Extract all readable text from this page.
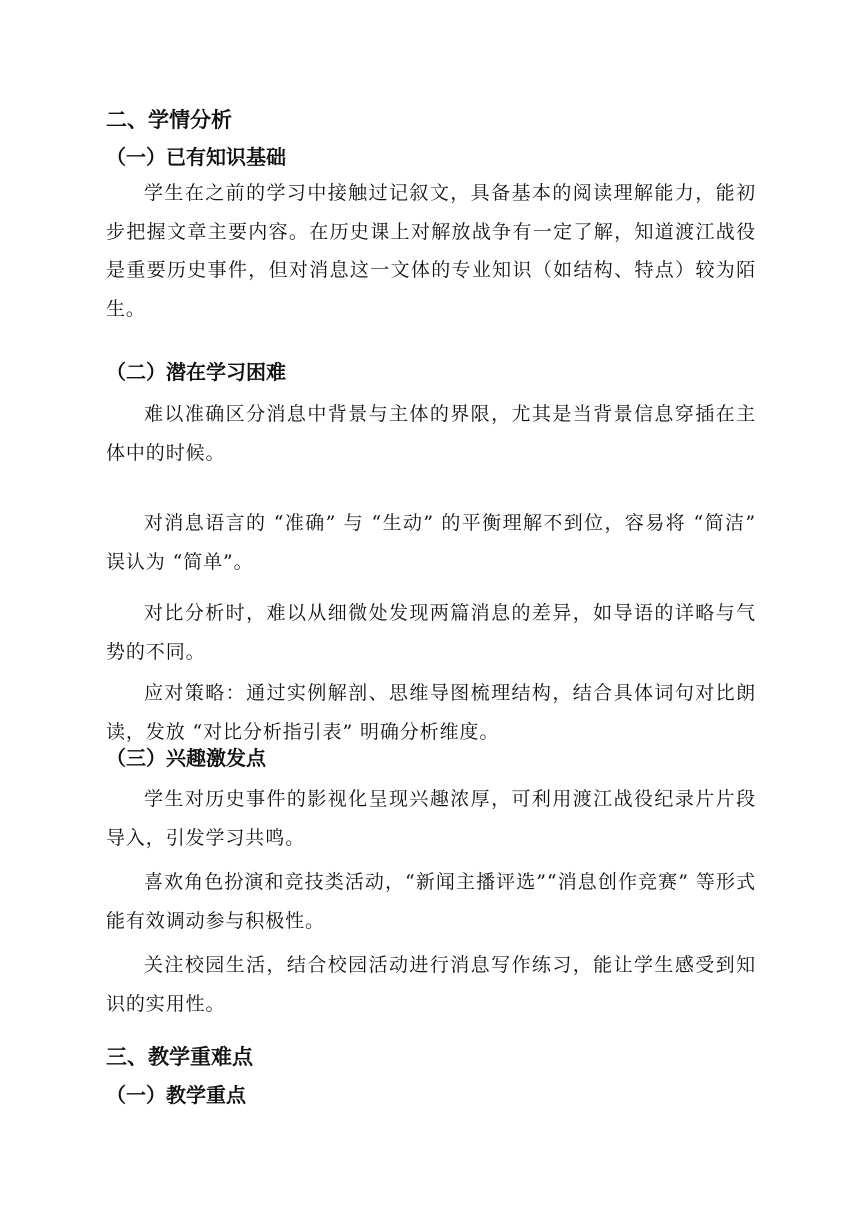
二、学情分析
（一）已有知识基础
学生在之前的学习中接触过记叙文，具备基本的阅读理解能力，能初步把握文章主要内容。在历史课上对解放战争有一定了解，知道渡江战役是重要历史事件，但对消息这一文体的专业知识（如结构、特点）较为陌生。
（二）潜在学习困难
难以准确区分消息中背景与主体的界限，尤其是当背景信息穿插在主体中的时候。
对消息语言的 “准确” 与 “生动” 的平衡理解不到位，容易将 “简洁” 误认为 “简单”。
对比分析时，难以从细微处发现两篇消息的差异，如导语的详略与气势的不同。
应对策略：通过实例解剖、思维导图梳理结构，结合具体词句对比朗读，发放 “对比分析指引表” 明确分析维度。
（三）兴趣激发点
学生对历史事件的影视化呈现兴趣浓厚，可利用渡江战役纪录片片段导入，引发学习共鸣。
喜欢角色扮演和竞技类活动，“新闻主播评选”“消息创作竞赛” 等形式能有效调动参与积极性。
关注校园生活，结合校园活动进行消息写作练习，能让学生感受到知识的实用性。
三、教学重难点
（一）教学重点
